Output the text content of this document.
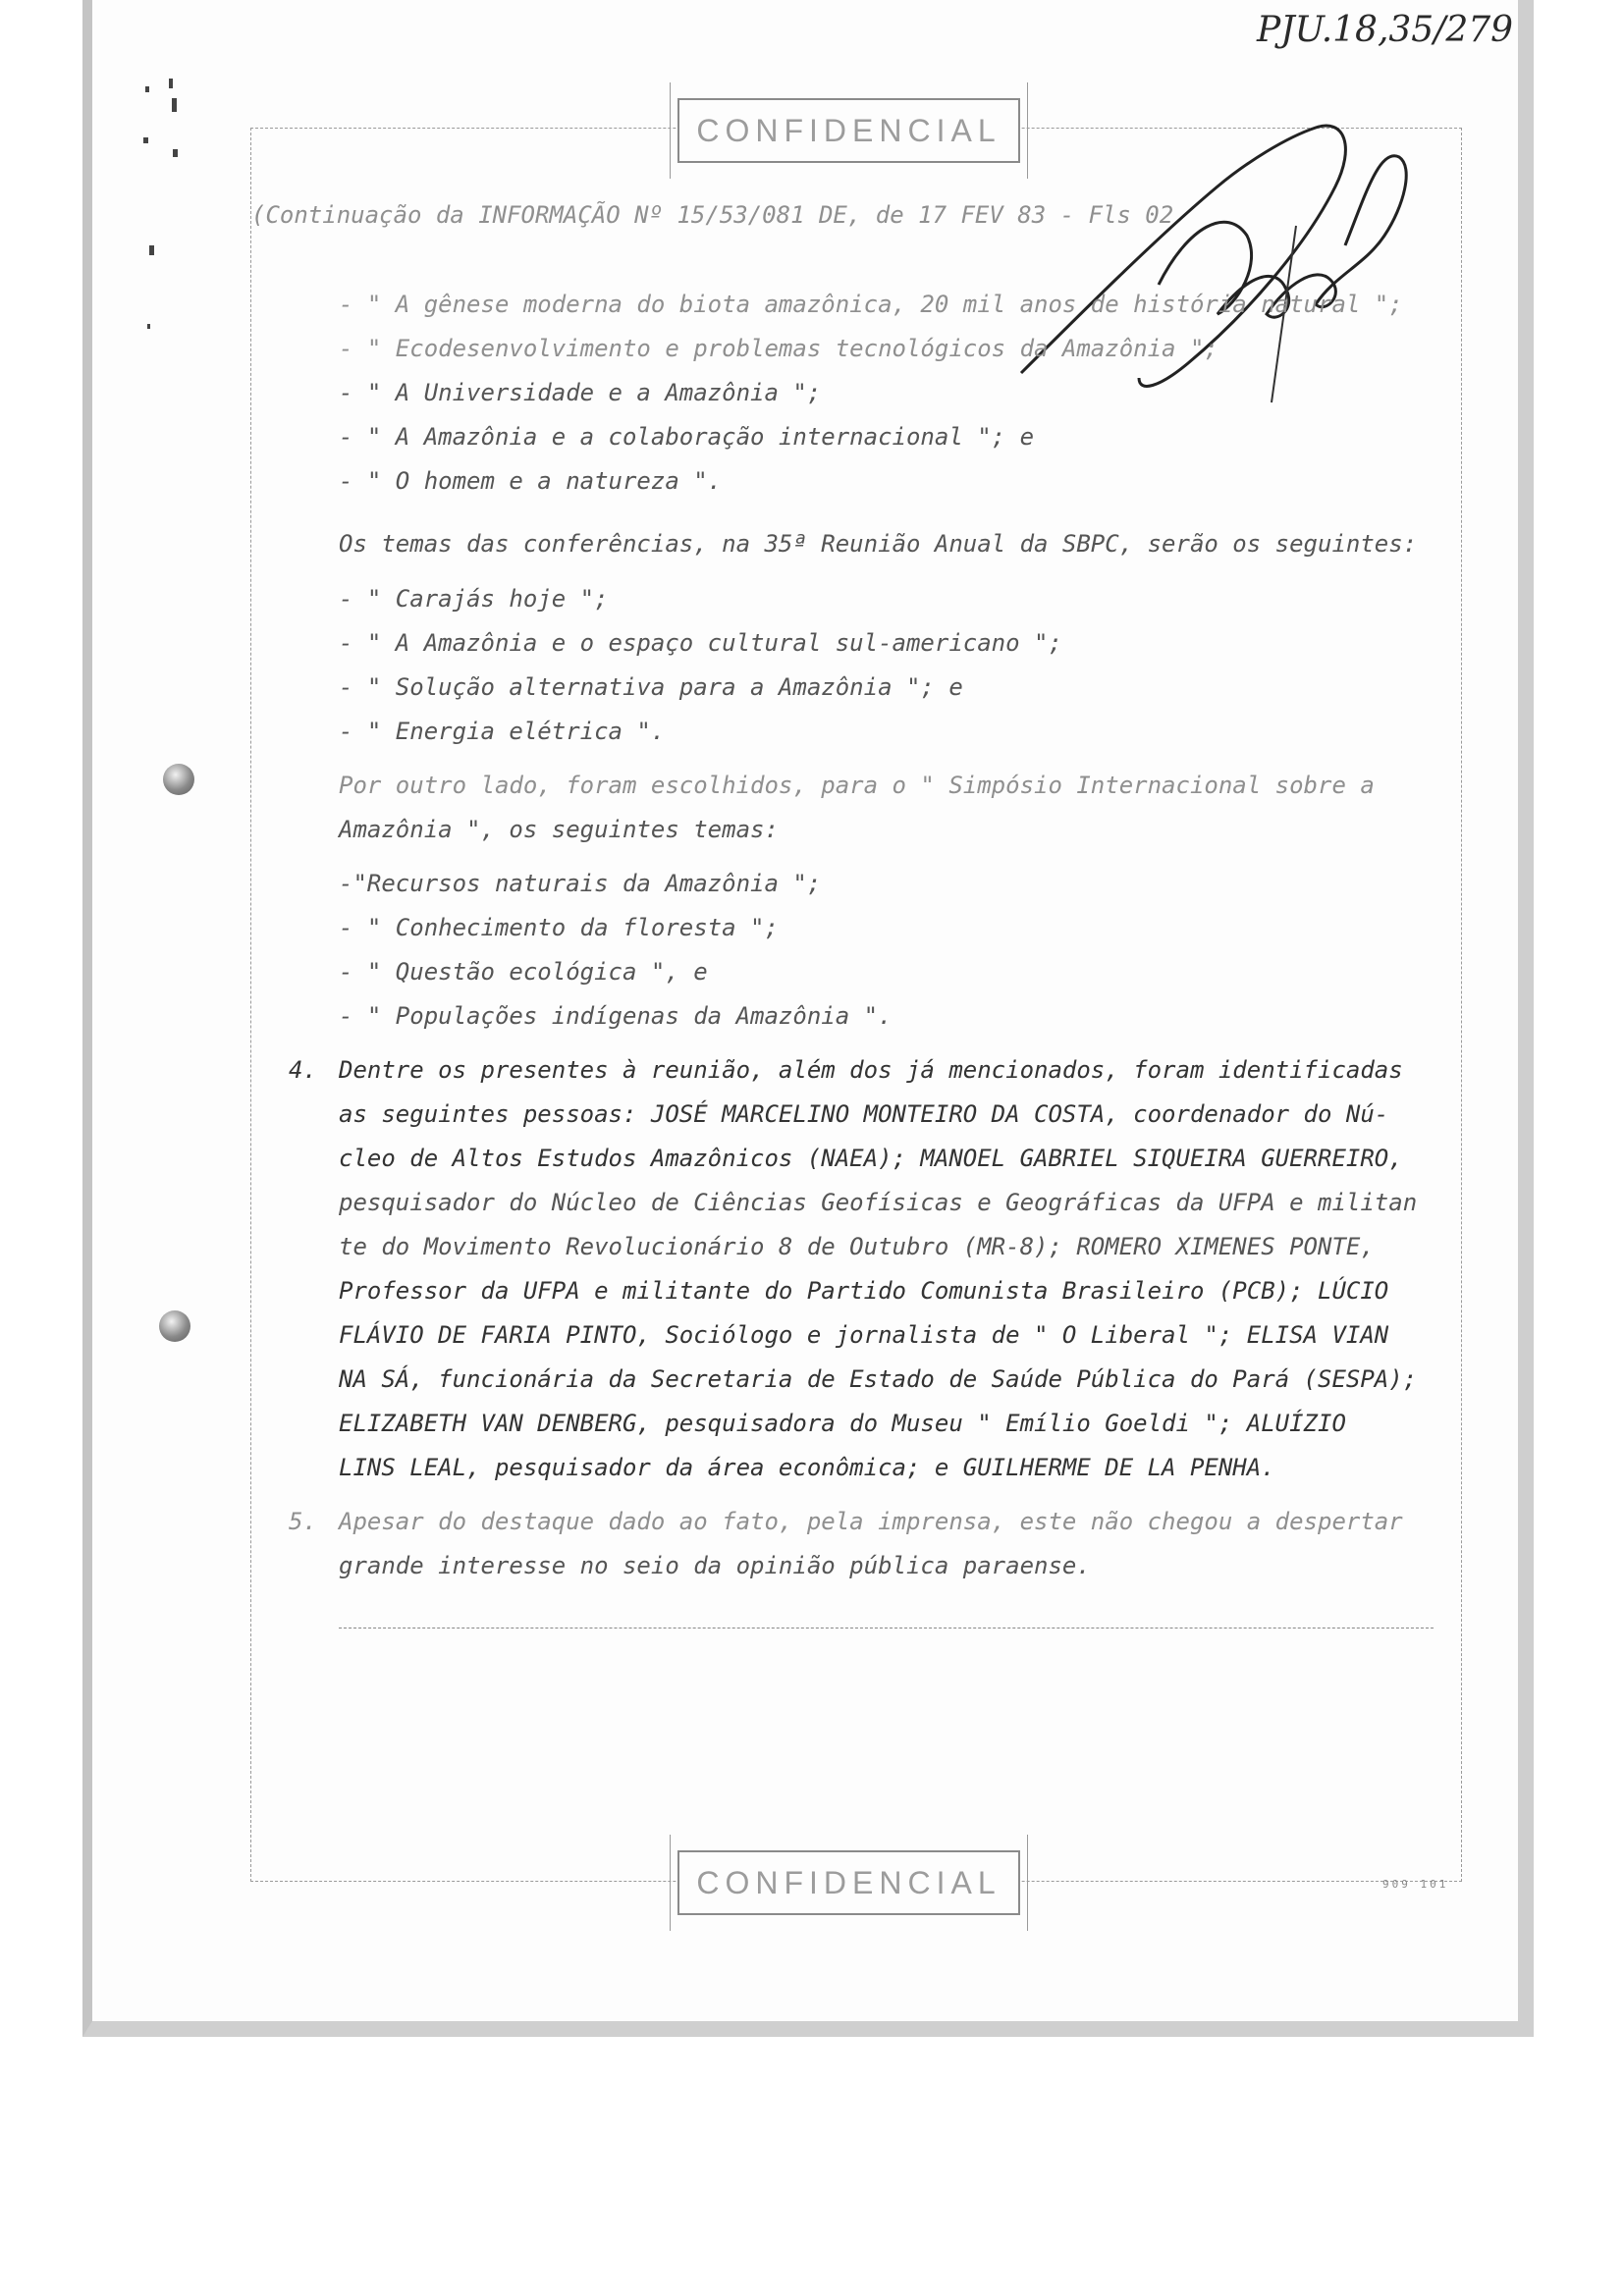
PJU.18,35/279
CONFIDENCIAL
(Continuação da INFORMAÇÃO Nº 15/53/081 DE, de 17 FEV 83 - Fls 02
- " A gênese moderna do biota amazônica, 20 mil anos de história natural ";
- " Ecodesenvolvimento e problemas tecnológicos da Amazônia ";
- " A Universidade e a Amazônia ";
- " A Amazônia e a colaboração internacional "; e
- " O homem e a natureza ".
Os temas das conferências, na 35ª Reunião Anual da SBPC, serão os seguintes:
- " Carajás hoje ";
- " A Amazônia e o espaço cultural sul-americano ";
- " Solução alternativa para a Amazônia "; e
- " Energia elétrica ".
Por outro lado, foram escolhidos, para o " Simpósio Internacional sobre a
Amazônia ", os seguintes temas:
-"Recursos naturais da Amazônia ";
- " Conhecimento da floresta ";
- " Questão ecológica ", e
- " Populações indígenas da Amazônia ".
4. Dentre os presentes à reunião, além dos já mencionados, foram identificadas
as seguintes pessoas: JOSÉ MARCELINO MONTEIRO DA COSTA, coordenador do Nú-
cleo de Altos Estudos Amazônicos (NAEA); MANOEL GABRIEL SIQUEIRA GUERREIRO,
pesquisador do Núcleo de Ciências Geofísicas e Geográficas da UFPA e militan
te do Movimento Revolucionário 8 de Outubro (MR-8); ROMERO XIMENES PONTE,
Professor da UFPA e militante do Partido Comunista Brasileiro (PCB); LÚCIO
FLÁVIO DE FARIA PINTO, Sociólogo e jornalista de " O Liberal "; ELISA VIAN
NA SÁ, funcionária da Secretaria de Estado de Saúde Pública do Pará (SESPA);
ELIZABETH VAN DENBERG, pesquisadora do Museu " Emílio Goeldi "; ALUÍZIO
LINS LEAL, pesquisador da área econômica; e GUILHERME DE LA PENHA.
5. Apesar do destaque dado ao fato, pela imprensa, este não chegou a despertar
grande interesse no seio da opinião pública paraense.
CONFIDENCIAL	909 101
